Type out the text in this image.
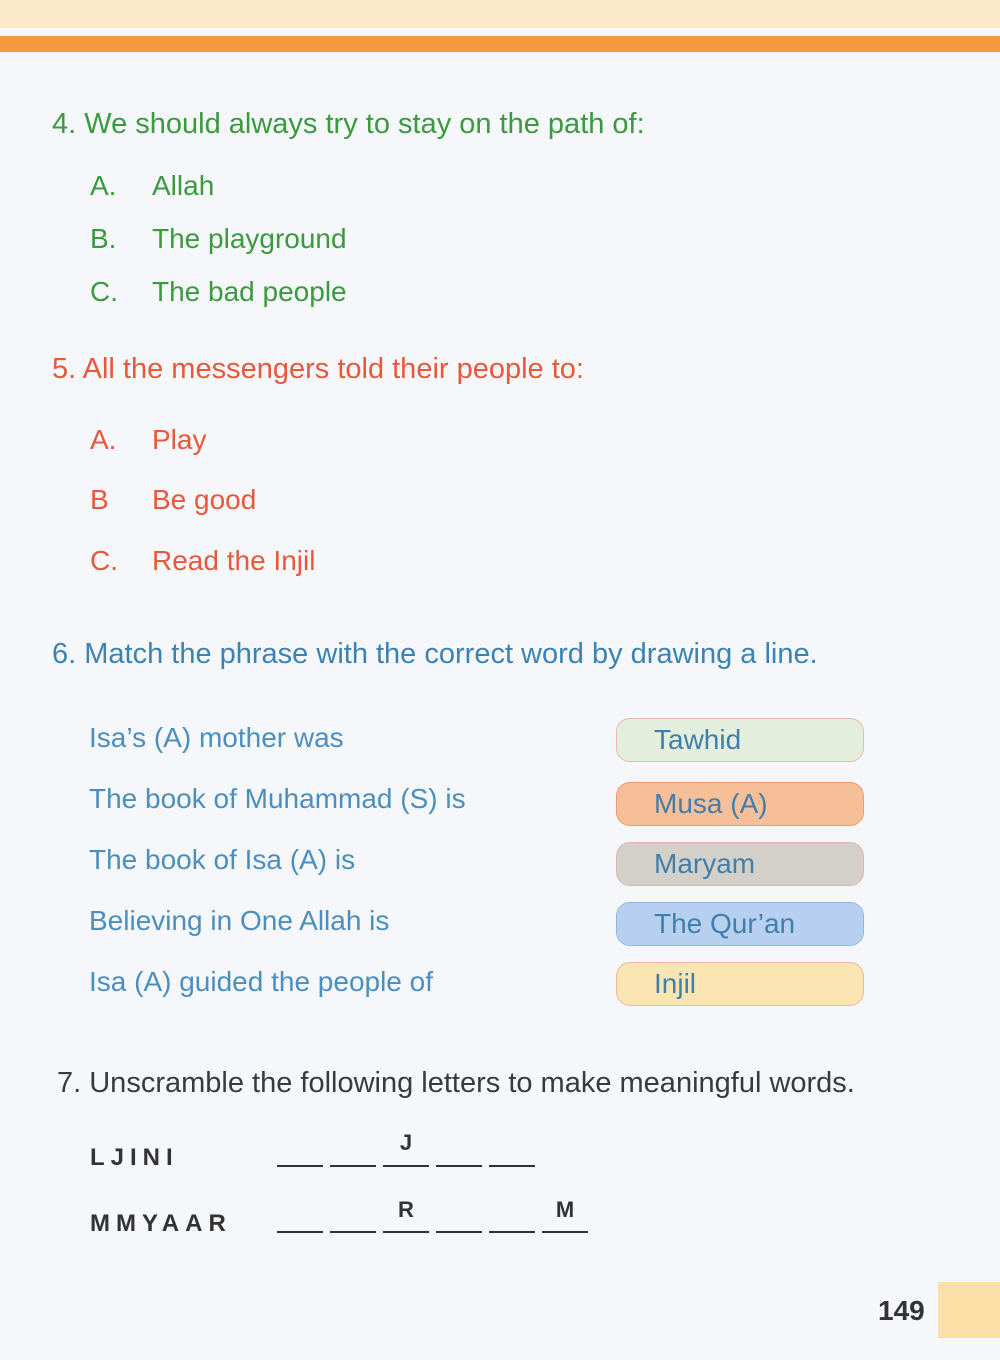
4. We should always try to stay on the path of:
A. Allah
B. The playground
C. The bad people
5. All the messengers told their people to:
A. Play
B Be good
C. Read the Injil
6. Match the phrase with the correct word by drawing a line.
Isa’s (A) mother was
The book of Muhammad (S) is
The book of Isa (A) is
Believing in One Allah is
Isa (A) guided the people of
Tawhid
Musa (A)
Maryam
The Qur’an
Injil
7. Unscramble the following letters to make meaningful words.
LJINI
MMYAAR
J
R	M
149
